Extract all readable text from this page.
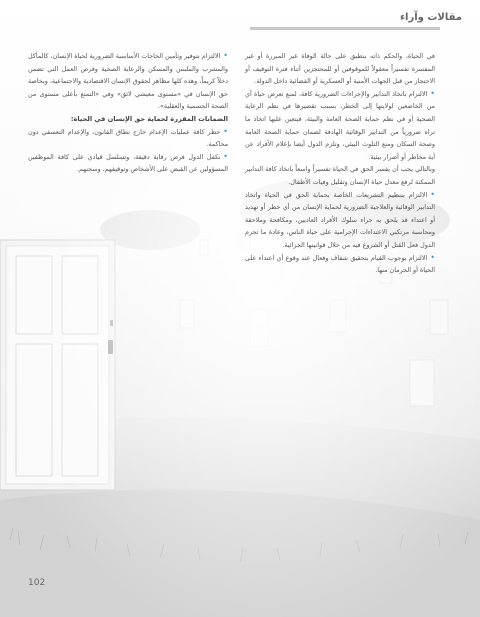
مقالات وآراء

في الحياة، والحكم ذاته ينطبق على حالة الوفاة غير المبررة أو غير المفسرة تفسيراً معقولاً للموقوفين أو للمحتجزين أثناء فترة التوقيف أو الاحتجاز من قبل الجهات الأمنية أو العسكرية أو القضائية داخل الدولة.

•الالتزام باتخاذ التدابير والإجراءات الضرورية كافة، لمنع تعرض حياة أي من الخاضعين لولايتها إلى الخطر، بسبب تقصيرها في نظم الرعاية الصحية أو في نظم حماية الصحة العامة والبيئة، فيتعين عليها اتخاذ ما تراه ضرورياً من التدابير الوقائية الهادفة لضمان حماية الصحة العامة وصحة السكان ومنع التلوث البيئي، وتلزم الدول أيضا بإعلام الأفراد عن أية مخاطر أو أضرار بيئية.

وبالتالي يجب أن يفسر الحق في الحياة تفسيراً واسعاً باتخاذ كافة التدابير الممكنة لرفع معدل حياة الإنسان وتقليل وفيات الأطفال.

•الالتزام بتنظيم التشريعات الخاصة بحماية الحق في الحياة واتخاذ التدابير الوقائية والعلاجية الضرورية لحماية الإنسان من أي خطر أو تهديد أو اعتداء قد يلحق به جراء سلوك الأفراد العاديين، ومكافحة وملاحقة ومحاسبة مرتكبي الاعتداءات الإجرامية على حياة الناس، وعادة ما تجرم الدول فعل القتل أو الشروع فيه من خلال قوانينها الجزائية.

•الالتزام بوجوب القيام بتحقيق شفاف وفعال عند وقوع أي اعتداء على الحياة أو الحرمان منها.

•الالتزام بتوفير وتأمين الحاجات الأساسية الضرورية لحياة الإنسان، كالمأكل والمشرب والملبس والمسكن والرعاية الصحية وفرص العمل التي تضمن دخلاً كريماً، وهذه كلها مظاهر لحقوق الإنسان الاقتصادية والاجتماعية، وبخاصة حق الإنسان في «مستوى معيشي لائق» وفي «التمتع بأعلى مستوى من الصحة الجسمية والعقلية».

الضمانات المقررة لحماية حق الإنسان في الحياة:

•حظر كافة عمليات الإعدام خارج نطاق القانون، والإعدام التعسفي دون محاكمة.

•تكفل الدول فرض رقابة دقيقة، وتسلسل قيادي على كافة الموظفين المسؤولين عن القبض على الأشخاص وتوقيفهم، وسجنهم.

102
